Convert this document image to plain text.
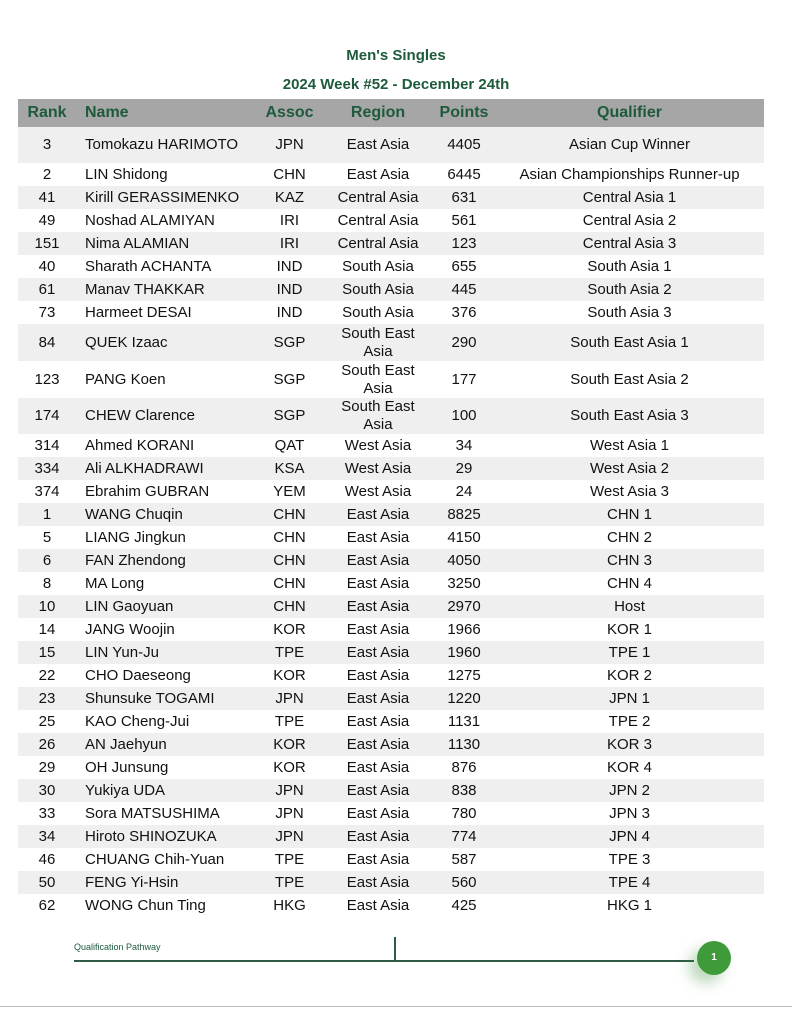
Men's Singles
2024 Week #52 - December 24th
Rank	Name	Assoc	Region	Points	Qualifier
3	Tomokazu HARIMOTO	JPN	East Asia	4405	Asian Cup Winner
2	LIN Shidong	CHN	East Asia	6445	Asian Championships Runner-up
41	Kirill GERASSIMENKO	KAZ	Central Asia	631	Central Asia 1
49	Noshad ALAMIYAN	IRI	Central Asia	561	Central Asia 2
151	Nima ALAMIAN	IRI	Central Asia	123	Central Asia 3
40	Sharath ACHANTA	IND	South Asia	655	South Asia 1
61	Manav THAKKAR	IND	South Asia	445	South Asia 2
73	Harmeet DESAI	IND	South Asia	376	South Asia 3
84	QUEK Izaac	SGP	South East Asia	290	South East Asia 1
123	PANG Koen	SGP	South East Asia	177	South East Asia 2
174	CHEW Clarence	SGP	South East Asia	100	South East Asia 3
314	Ahmed KORANI	QAT	West Asia	34	West Asia 1
334	Ali ALKHADRAWI	KSA	West Asia	29	West Asia 2
374	Ebrahim GUBRAN	YEM	West Asia	24	West Asia 3
1	WANG Chuqin	CHN	East Asia	8825	CHN 1
5	LIANG Jingkun	CHN	East Asia	4150	CHN 2
6	FAN Zhendong	CHN	East Asia	4050	CHN 3
8	MA Long	CHN	East Asia	3250	CHN 4
10	LIN Gaoyuan	CHN	East Asia	2970	Host
14	JANG Woojin	KOR	East Asia	1966	KOR 1
15	LIN Yun-Ju	TPE	East Asia	1960	TPE 1
22	CHO Daeseong	KOR	East Asia	1275	KOR 2
23	Shunsuke TOGAMI	JPN	East Asia	1220	JPN 1
25	KAO Cheng-Jui	TPE	East Asia	1131	TPE 2
26	AN Jaehyun	KOR	East Asia	1130	KOR 3
29	OH Junsung	KOR	East Asia	876	KOR 4
30	Yukiya UDA	JPN	East Asia	838	JPN 2
33	Sora MATSUSHIMA	JPN	East Asia	780	JPN 3
34	Hiroto SHINOZUKA	JPN	East Asia	774	JPN 4
46	CHUANG Chih-Yuan	TPE	East Asia	587	TPE 3
50	FENG Yi-Hsin	TPE	East Asia	560	TPE 4
62	WONG Chun Ting	HKG	East Asia	425	HKG 1
Qualification Pathway
1
